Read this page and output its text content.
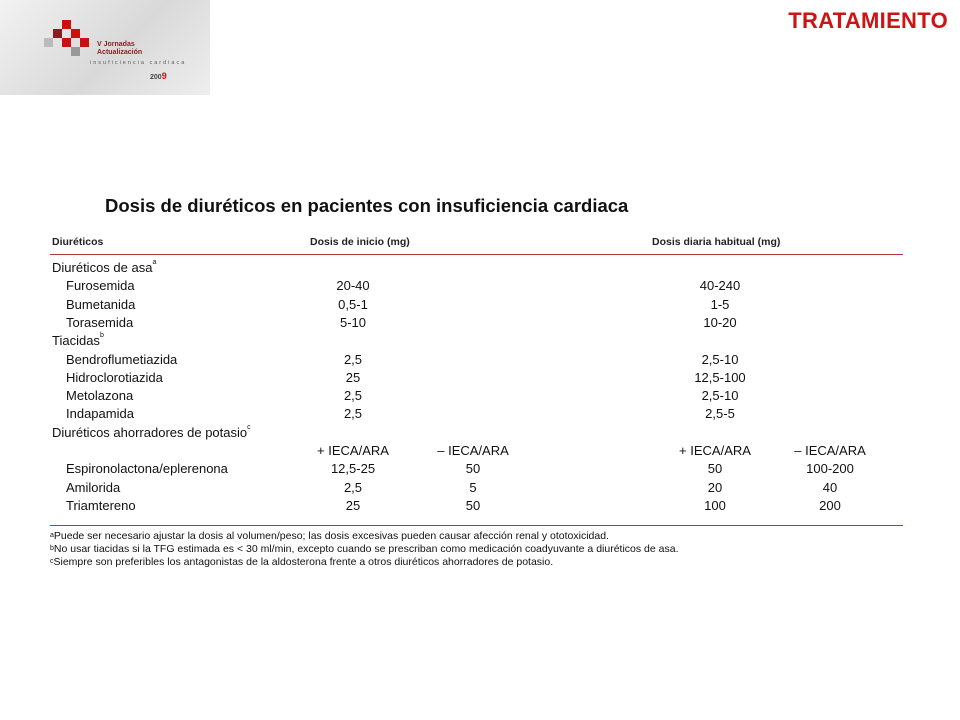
V Jornadas
Actualización
insuficiencia cardiaca
2009
TRATAMIENTO
Dosis de diuréticos en pacientes con insuficiencia cardiaca
Diuréticos	Dosis de inicio (mg)	Dosis diaria habitual (mg)
Diuréticos de asa$^a$
Furosemida	20-40	40-240
Bumetanida	0,5-1	1-5
Torasemida	5-10	10-20
Tiacidas$^b$
Bendroflumetiazida	2,5	2,5-10
Hidroclorotiazida	25	12,5-100
Metolazona	2,5	2,5-10
Indapamida	2,5	2,5-5
Diuréticos ahorradores de potasio$^c$
+ IECA/ARA	– IECA/ARA	+ IECA/ARA	– IECA/ARA
Espironolactona/eplerenona	12,5-25	50	50	100-200
Amilorida	2,5	5	20	40
Triamtereno	25	50	100	200
$^a$Puede ser necesario ajustar la dosis al volumen/peso; las dosis excesivas pueden causar afección renal y ototoxicidad.
$^b$No usar tiacidas si la TFG estimada es < 30 ml/min, excepto cuando se prescriban como medicación coadyuvante a diuréticos de asa.
$^c$Siempre son preferibles los antagonistas de la aldosterona frente a otros diuréticos ahorradores de potasio.
